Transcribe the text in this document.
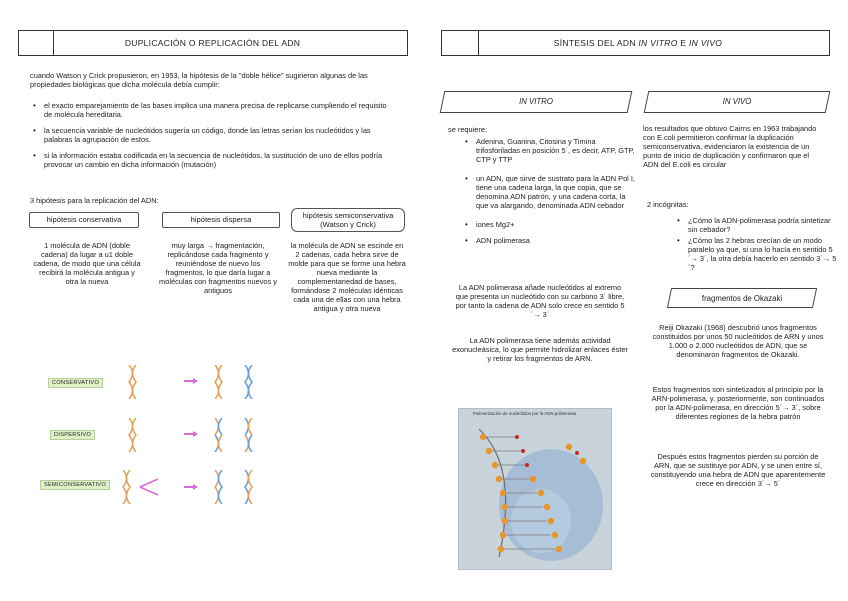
DUPLICACIÓN O REPLICACIÓN DEL ADN
cuando Watson y Crick propusieron, en 1953, la hipótesis de la "doble hélice" sugirieron algunas de las propiedades biológicas que dicha molécula debía cumplir:
• el exacto emparejamiento de las bases implica una manera precisa de replicarse cumpliendo el requisito de molécula hereditaria.
• la secuencia variable de nucleótidos sugería un código, donde las letras serían los nucleótidos y las palabras la agrupación de estos.
• si la información estaba codificada en la secuencia de nucleótidos, la sustitución de uno de ellos podría provocar un cambio en dicha información (mutación)
3 hipótesis para la replicación del ADN:
hipótesis conservativa	hipótesis dispersa	hipótesis semiconservativa (Watson y Crick)
1 molécula de ADN (doble cadena) da lugar a u1 doble cadena, de modo que una célula recibirá la molécula antigua y otra la nueva
muy larga → fragmentación, replicándose cada fragmento y reuniéndose de nuevo los fragmentos, lo que daría lugar a moléculas con fragmentos nuevos y antiguos
la molécula de ADN se escinde en 2 cadenas, cada hebra sirve de molde para que se forme una hebra nueva mediante la complementariedad de bases, formándose 2 moléculas idénticas cada una de ellas con una hebra antigua y otra nueva
CONSERVATIVO
DISPERSIVO
SEMICONSERVATIVO
SÍNTESIS DEL ADN
IN VITRO E IN VIVO
IN VITRO
se requiere:
• Adenina, Guanina, Citosina y Timina trifosforiladas en posición 5´, es decir, ATP, GTP, CTP y TTP
• un ADN, que sirve de sustrato para la ADN Pol I, tiene una cadena larga, la que copia, que se denomina ADN patrón, y una cadena corta, la que va alargando, denominada ADN cebador
• iones Mg2+
• ADN polimerasa
La ADN polimerasa añade nucleótidos al extremo que presenta un nucleótido con su carbono 3´ libre, por tanto la cadena de ADN solo crece en sentido 5´→ 3´
La ADN polimerasa tiene además actividad exonucleásica, lo que permite hidrolizar enlaces éster y retirar los fragmentos de ARN.
Polimerización de nucleótidos por la ADN polimerasa
IN VIVO
los resultados que obtuvo Cairns en 1963 trabajando con E.coli permitieron confirmar la duplicación semiconservativa, evidenciaron la existencia de un punto de inicio de duplicación y confirmaron que el ADN del E.coli es circular
2 incógnitas:
• ¿Cómo la ADN-polimerasa podría sintetizar sin cebador?
• ¿Cómo las 2 hebras crecían de un modo paralelo ya que, si una lo hacía en sentido 5´→ 3´, la otra debía hacerlo en sentido 3´→ 5´?
fragmentos de Okazaki
Reiji Okazaki (1968) descubrió unos fragmentos constituidos por unos 50 nucleótidos de ARN y unos 1.000 o 2.000 nucleótidos de ADN, que se denominaron fragmentos de Okazaki.
Estos fragmentos son sintetizados al principio por la ARN-polimerasa, y, posteriormente, son continuados por la ADN-polimerasa, en dirección 5´→ 3´, sobre diferentes regiones de la hebra patrón
Después estos fragmentos pierden su porción de ARN, que se sustituye por ADN, y se unen entre sí, constituyendo una hebra de ADN que aparentemente crece en dirección 3´→ 5´
